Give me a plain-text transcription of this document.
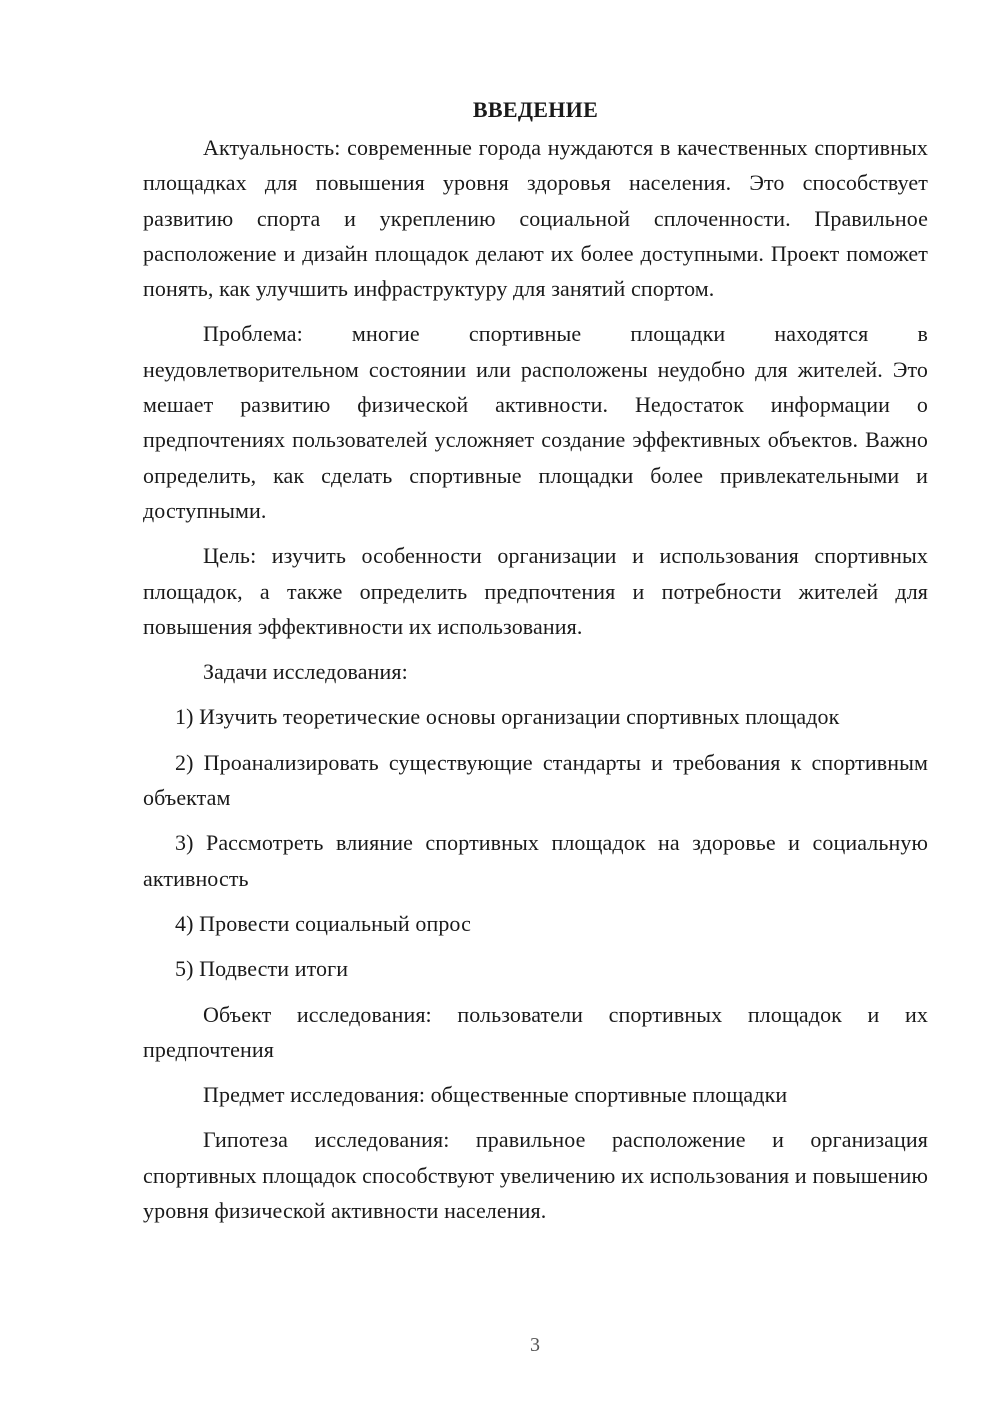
ВВЕДЕНИЕ

Актуальность: современные города нуждаются в качественных спортивных площадках для повышения уровня здоровья населения. Это способствует развитию спорта и укреплению социальной сплоченности. Правильное расположение и дизайн площадок делают их более доступными. Проект поможет понять, как улучшить инфраструктуру для занятий спортом.

Проблема: многие спортивные площадки находятся в неудовлетворительном состоянии или расположены неудобно для жителей. Это мешает развитию физической активности. Недостаток информации о предпочтениях пользователей усложняет создание эффективных объектов. Важно определить, как сделать спортивные площадки более привлекательными и доступными.

Цель: изучить особенности организации и использования спортивных площадок, а также определить предпочтения и потребности жителей для повышения эффективности их использования.

Задачи исследования:

1) Изучить теоретические основы организации спортивных площадок

2) Проанализировать существующие стандарты и требования к спортивным объектам

3) Рассмотреть влияние спортивных площадок на здоровье и социальную активность

4) Провести социальный опрос

5) Подвести итоги

Объект исследования: пользователи спортивных площадок и их предпочтения

Предмет исследования: общественные спортивные площадки

Гипотеза исследования: правильное расположение и организация спортивных площадок способствуют увеличению их использования и повышению уровня физической активности населения.

3
